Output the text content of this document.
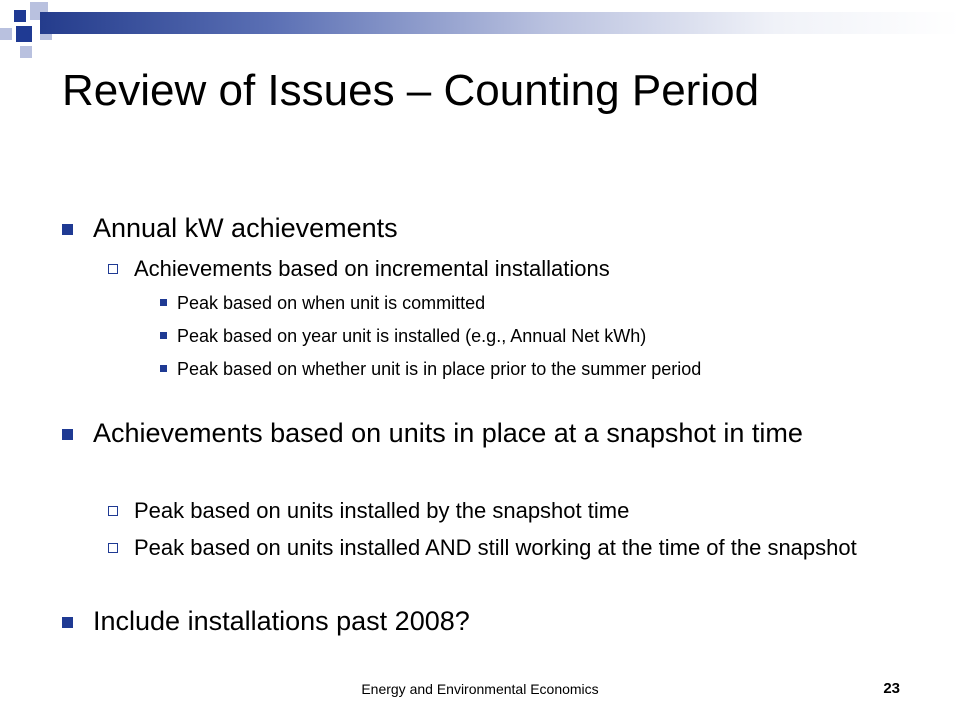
Review of Issues – Counting Period
Annual kW achievements
Achievements based on incremental installations
Peak based on when unit is committed
Peak based on year unit is installed (e.g., Annual Net kWh)
Peak based on whether unit is in place prior to the summer period
Achievements based on units in place at a snapshot in time
Peak based on units installed by the snapshot time
Peak based on units installed AND still working at the time of the snapshot
Include installations past 2008?
Energy and Environmental Economics	23
